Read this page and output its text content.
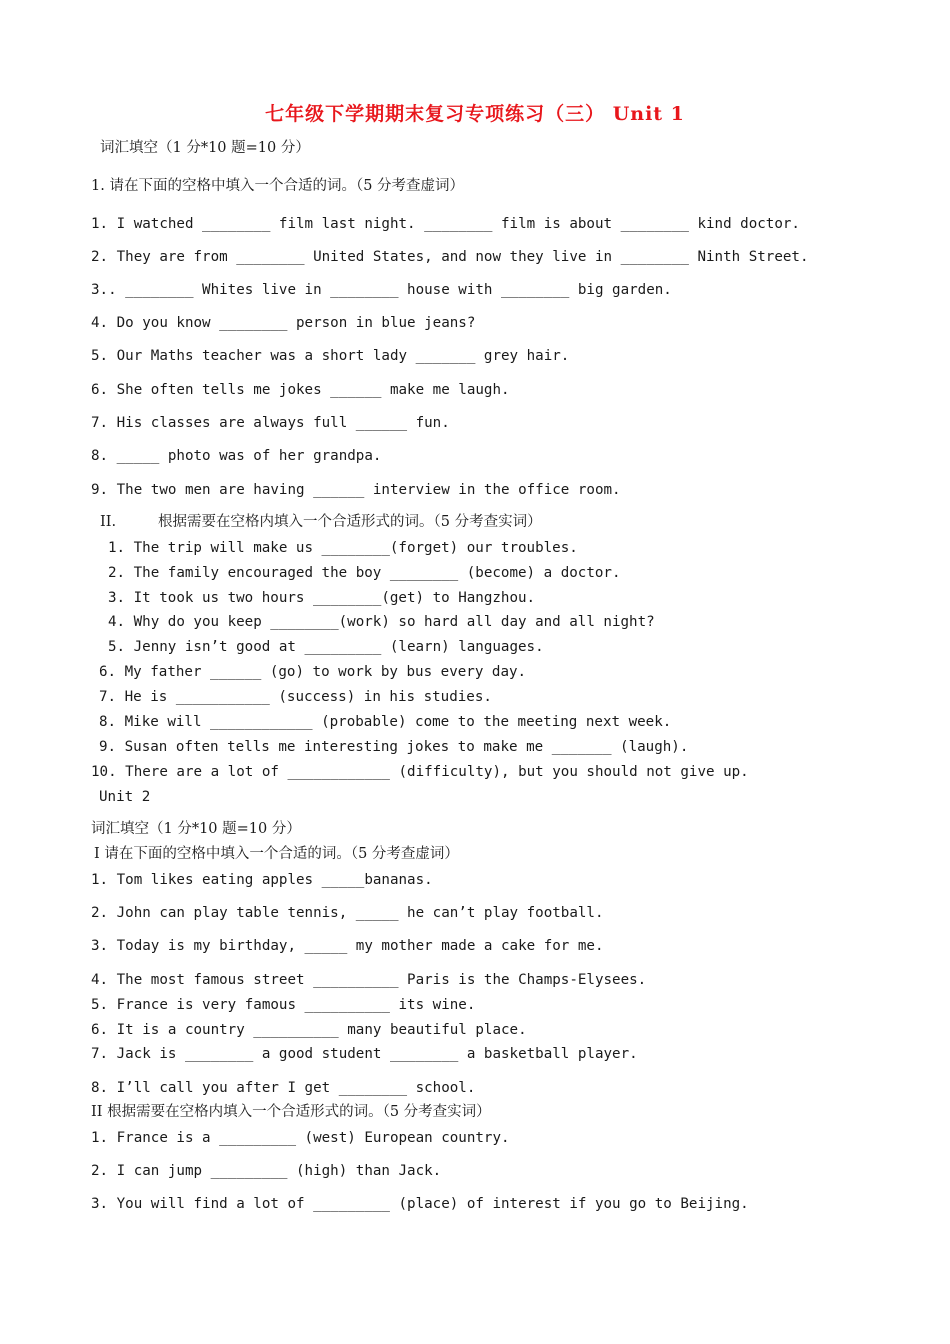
七年级下学期期末复习专项练习（三） Unit 1
词汇填空（1 分*10 题=10 分）
1. 请在下面的空格中填入一个合适的词。（5 分考查虚词）
1. I watched ________ film last night. ________ film is about ________ kind doctor.
2. They are from ________ United States, and now they live in ________ Ninth Street.
3.. ________ Whites live in ________ house with ________ big garden.
4. Do you know ________ person in blue jeans?
5. Our Maths teacher was a short lady _______ grey hair.
6. She often tells me jokes ______ make me laugh.
7. His classes are always full ______ fun.
8. _____ photo was of her grandpa.
9. The two men are having ______ interview in the office room.
II.	根据需要在空格内填入一个合适形式的词。（5 分考查实词）
1. The trip will make us ________(forget) our troubles.
2. The family encouraged the boy ________ (become) a doctor.
3. It took us two hours ________(get) to Hangzhou.
4. Why do you keep ________(work) so hard all day and all night?
5. Jenny isn’t good at _________ (learn) languages.
6. My father ______ (go) to work by bus every day.
7. He is ___________ (success) in his studies.
8. Mike will ____________ (probable) come to the meeting next week.
9. Susan often tells me interesting jokes to make me _______ (laugh).
10. There are a lot of ____________ (difficulty), but you should not give up.
Unit 2
词汇填空（1 分*10 题=10 分）
I 请在下面的空格中填入一个合适的词。（5 分考查虚词）
1. Tom likes eating apples _____bananas.
2. John can play table tennis, _____ he can’t play football.
3. Today is my birthday, _____ my mother made a cake for me.
4. The most famous street __________ Paris is the Champs-Elysees.
5. France is very famous __________ its wine.
6. It is a country __________ many beautiful place.
7. Jack is ________ a good student ________ a basketball player.
8. I’ll call you after I get ________ school.
II 根据需要在空格内填入一个合适形式的词。（5 分考查实词）
1. France is a _________ (west) European country.
2. I can jump _________ (high) than Jack.
3. You will find a lot of _________ (place) of interest if you go to Beijing.
